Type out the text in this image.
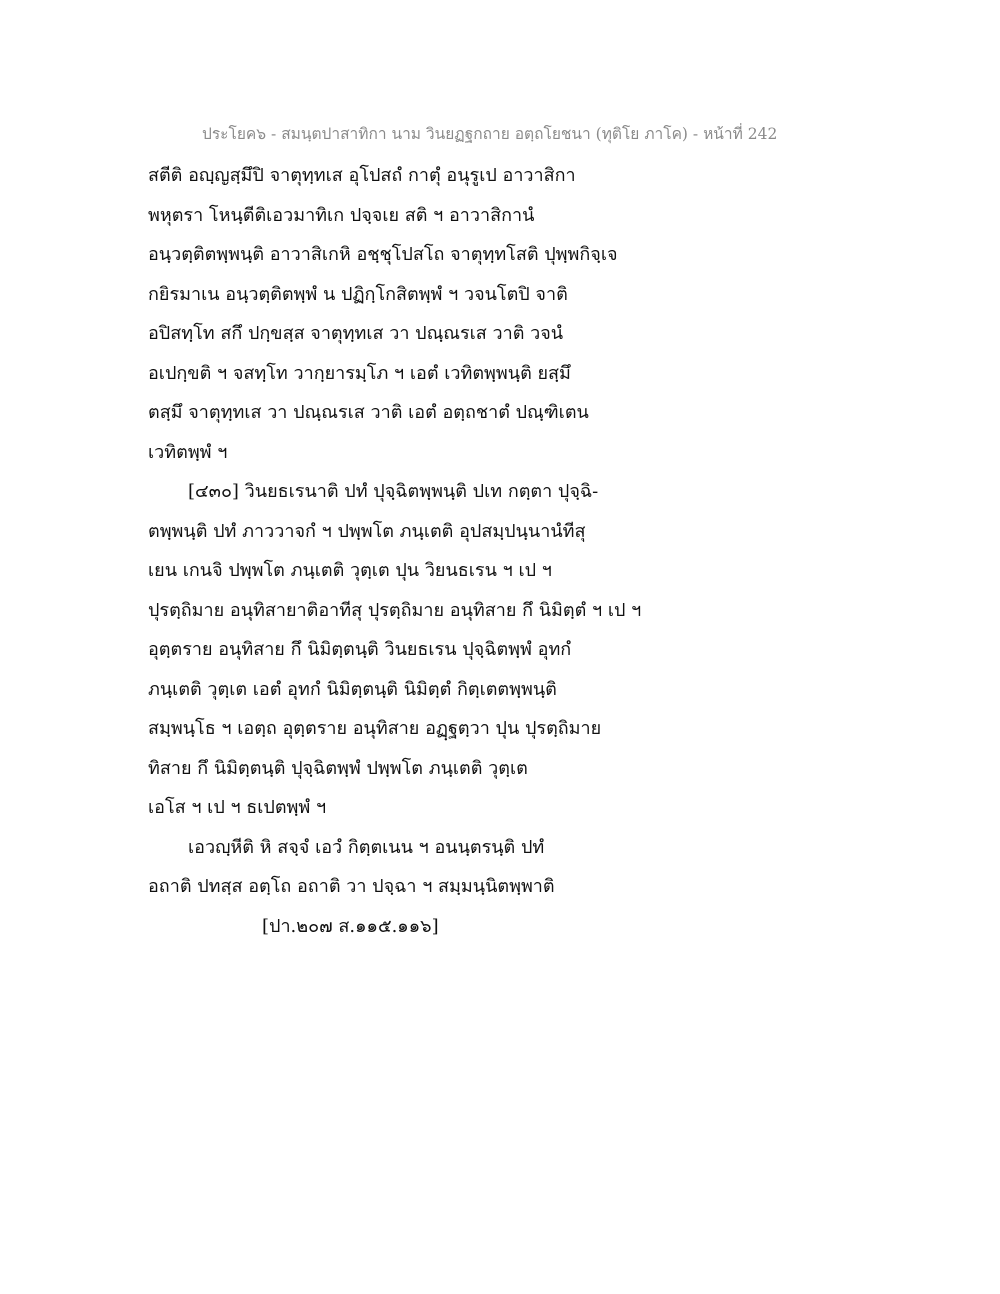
ประโยค๖ - สมนฺตปาสาทิกา นาม วินยฏฐกถาย อตฺถโยชนา (ทุติโย ภาโค) - หน้าที่ 242
สตีติ อญฺญสฺมึปิ จาตุทฺทเส อุโปสถํ กาตุํ อนุรูเป อาวาสิกา
พหุตรา โหนฺตีติเอวมาทิเก ปจฺจเย สติ ฯ อาวาสิกานํ
อนฺวตฺติตพฺพนฺติ อาวาสิเกหิ อชฺชุโปสโถ จาตุทฺทโสติ ปุพฺพกิจฺเจ
กยิรมาเน อนฺวตฺติตพฺพํ น ปฏิกฺโกสิตพฺพํ ฯ วจนโตปิ จาติ
อปิสทฺโท สกึ ปกฺขสฺส จาตุทฺทเส วา ปณฺณรเส วาติ วจนํ
อเปกฺขติ ฯ จสทฺโท วากฺยารมฺโภ ฯ เอตํ เวทิตพฺพนฺติ ยสฺมึ
ตสฺมึ จาตุทฺทเส วา ปณฺณรเส วาติ เอตํ อตฺถชาตํ ปณฺฑิเตน
เวทิตพฺพํ ฯ
[๔๓๐] วินยธเรนาติ ปทํ ปุจฺฉิตพฺพนฺติ ปเท กตฺตา ปุจฺฉิ-
ตพฺพนฺติ ปทํ ภาววาจกํ ฯ ปพฺพโต ภนฺเตติ อุปสมฺปนฺนานํทีสุ
เยน เกนจิ ปพฺพโต ภนฺเตติ วุตฺเต ปุน วิยนธเรน ฯ เป ฯ
ปุรตฺถิมาย อนุทิสายาติอาทีสุ ปุรตฺถิมาย อนุทิสาย กึ นิมิตฺตํ ฯ เป ฯ
อุตฺตราย อนุทิสาย กึ นิมิตฺตนฺติ วินยธเรน ปุจฺฉิตพฺพํ อุทกํ
ภนฺเตติ วุตฺเต เอตํ อุทกํ นิมิตฺตนฺติ นิมิตฺตํ กิตฺเตตพฺพนฺติ
สมฺพนฺโธ ฯ เอตฺถ อุตฺตราย อนุทิสาย อฏฺฐตฺวา ปุน ปุรตฺถิมาย
ทิสาย กึ นิมิตฺตนฺติ ปุจฺฉิตพฺพํ ปพฺพโต ภนฺเตติ วุตฺเต
เอโส ฯ เป ฯ ธเปตพฺพํ ฯ
เอวญฺหีติ หิ สจฺจํ เอวํ กิตฺตเนน ฯ อนนฺตรนฺติ ปทํ
อถาติ ปทสฺส อตฺโถ อถาติ วา ปจฺฉา ฯ สมฺมนฺนิตพฺพาติ
[ปา.๒๐๗ ส.๑๑๕.๑๑๖]
